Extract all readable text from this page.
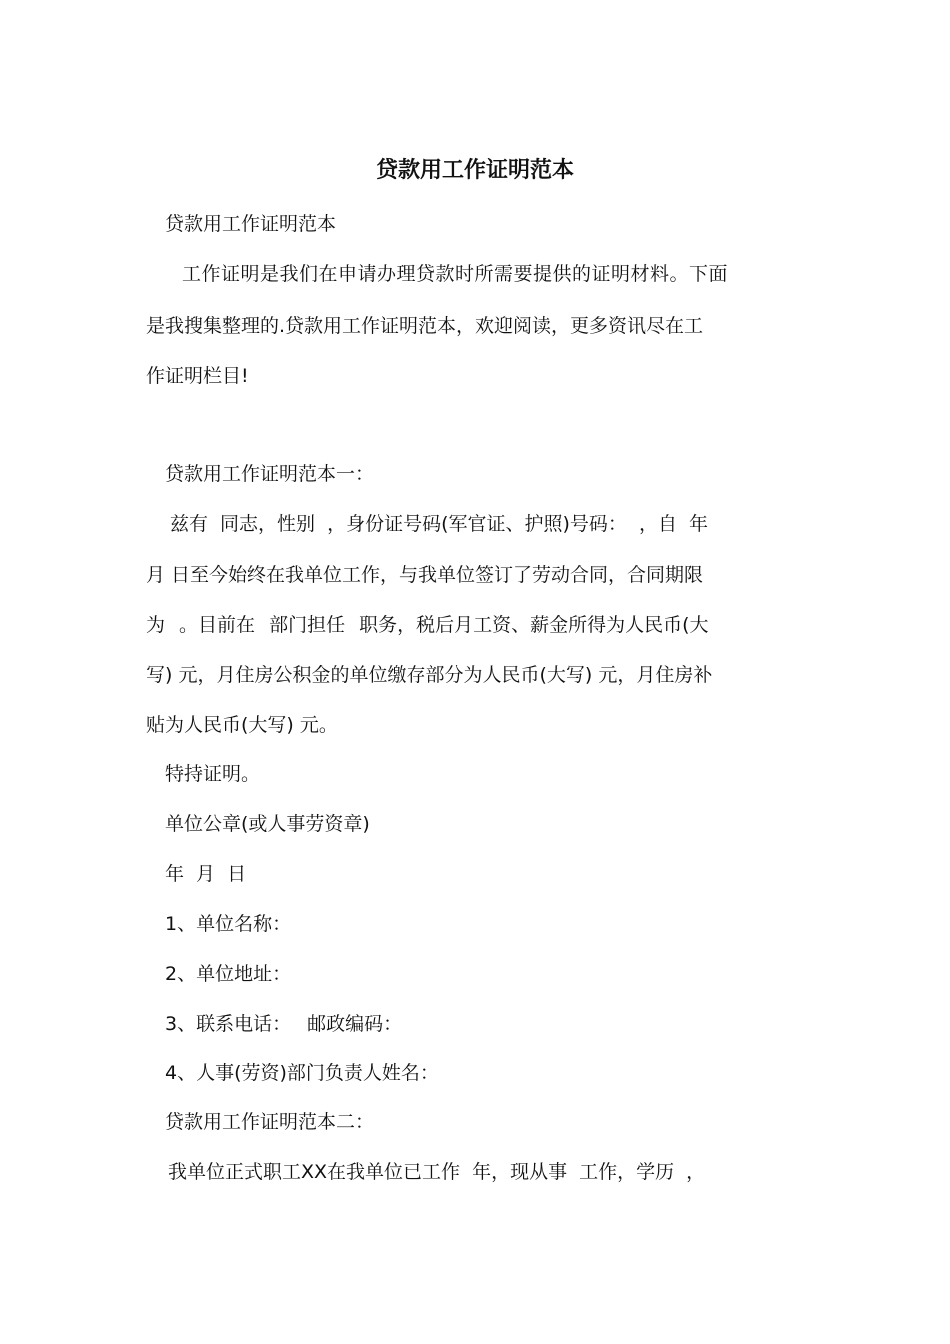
贷款用工作证明范本
贷款用工作证明范本
工作证明是我们在申请办理贷款时所需要提供的证明材料。下面
是我搜集整理的.贷款用工作证明范本，欢迎阅读，更多资讯尽在工
作证明栏目!
贷款用工作证明范本一：
兹有 同志，性别 ，身份证号码(军官证、护照)号码： ，自 年
月 日至今始终在我单位工作，与我单位签订了劳动合同，合同期限
为 。目前在 部门担任 职务，税后月工资、薪金所得为人民币(大
写) 元，月住房公积金的单位缴存部分为人民币(大写) 元，月住房补
贴为人民币(大写) 元。
特持证明。
单位公章(或人事劳资章)
年 月 日
1、单位名称：
2、单位地址：
3、联系电话： 邮政编码：
4、人事(劳资)部门负责人姓名：
贷款用工作证明范本二：
我单位正式职工XX在我单位已工作 年，现从事 工作，学历 ，
